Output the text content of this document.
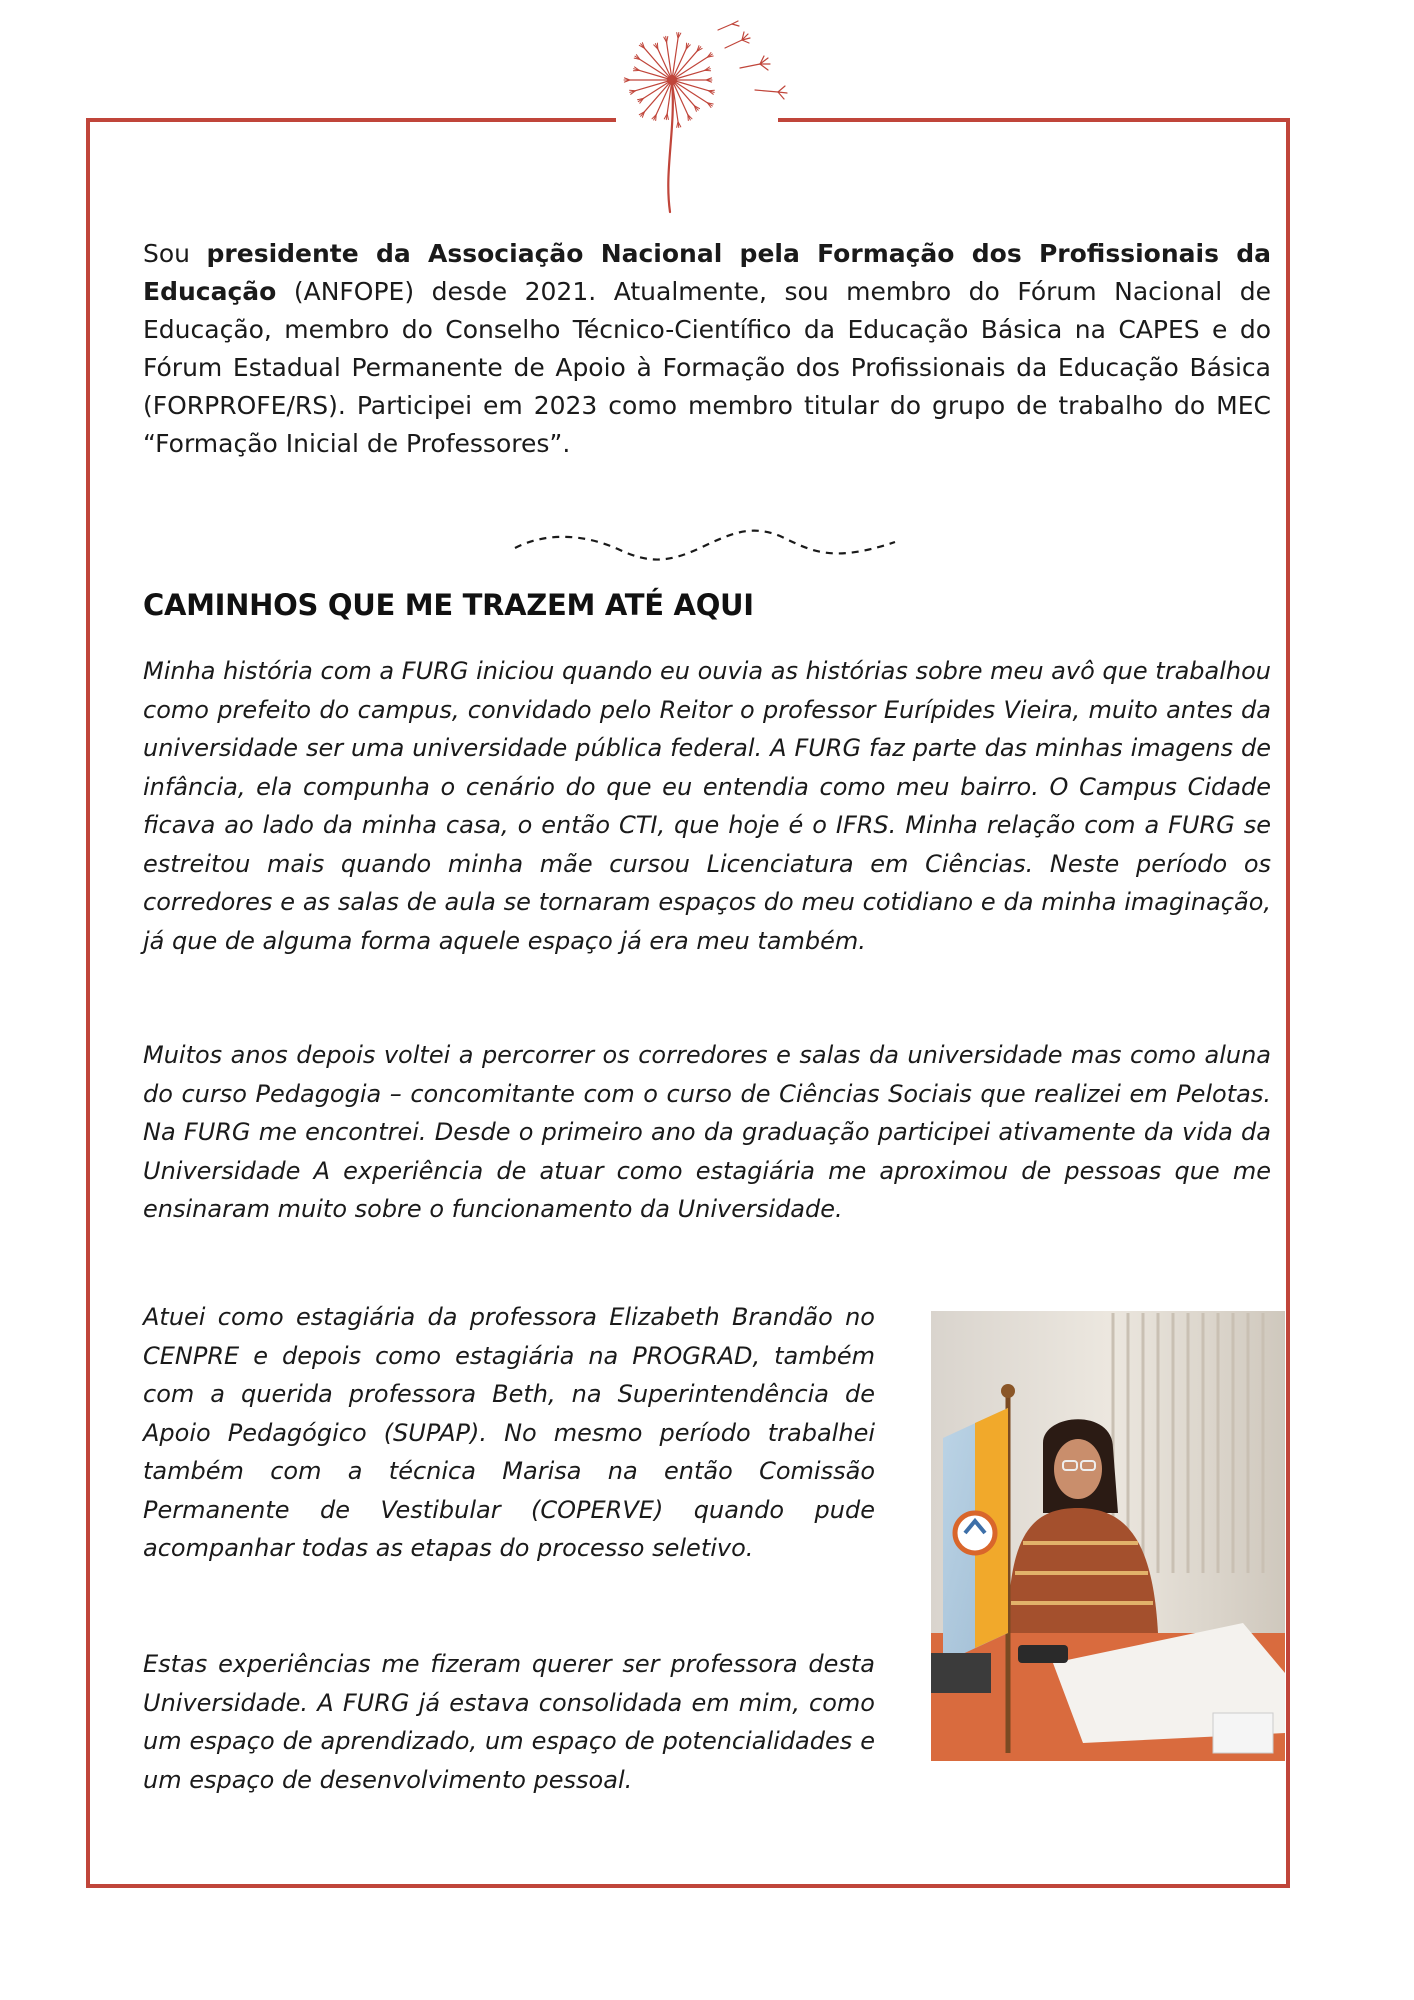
Sou presidente da Associação Nacional pela Formação dos Profissionais da Educação (ANFOPE) desde 2021. Atualmente, sou membro do Fórum Nacional de Educação, membro do Conselho Técnico-Científico da Educação Básica na CAPES e do Fórum Estadual Permanente de Apoio à Formação dos Profissionais da Educação Básica (FORPROFE/RS). Participei em 2023 como membro titular do grupo de trabalho do MEC “Formação Inicial de Professores”.

CAMINHOS QUE ME TRAZEM ATÉ AQUI

Minha história com a FURG iniciou quando eu ouvia as histórias sobre meu avô que trabalhou como prefeito do campus, convidado pelo Reitor o professor Eurípides Vieira, muito antes da universidade ser uma universidade pública federal. A FURG faz parte das minhas imagens de infância, ela compunha o cenário do que eu entendia como meu bairro. O Campus Cidade ficava ao lado da minha casa, o então CTI, que hoje é o IFRS. Minha relação com a FURG se estreitou mais quando minha mãe cursou Licenciatura em Ciências. Neste período os corredores e as salas de aula se tornaram espaços do meu cotidiano e da minha imaginação, já que de alguma forma aquele espaço já era meu também.

Muitos anos depois voltei a percorrer os corredores e salas da universidade mas como aluna do curso Pedagogia – concomitante com o curso de Ciências Sociais que realizei em Pelotas. Na FURG me encontrei. Desde o primeiro ano da graduação participei ativamente da vida da Universidade A experiência de atuar como estagiária me aproximou de pessoas que me ensinaram muito sobre o funcionamento da Universidade.

Atuei como estagiária da professora Elizabeth Brandão no CENPRE e depois como estagiária na PROGRAD, também com a querida professora Beth, na Superintendência de Apoio Pedagógico (SUPAP). No mesmo período trabalhei também com a técnica Marisa na então Comissão Permanente de Vestibular (COPERVE) quando pude acompanhar todas as etapas do processo seletivo.

Estas experiências me fizeram querer ser professora desta Universidade. A FURG já estava consolidada em mim, como um espaço de aprendizado, um espaço de potencialidades e um espaço de desenvolvimento pessoal.
